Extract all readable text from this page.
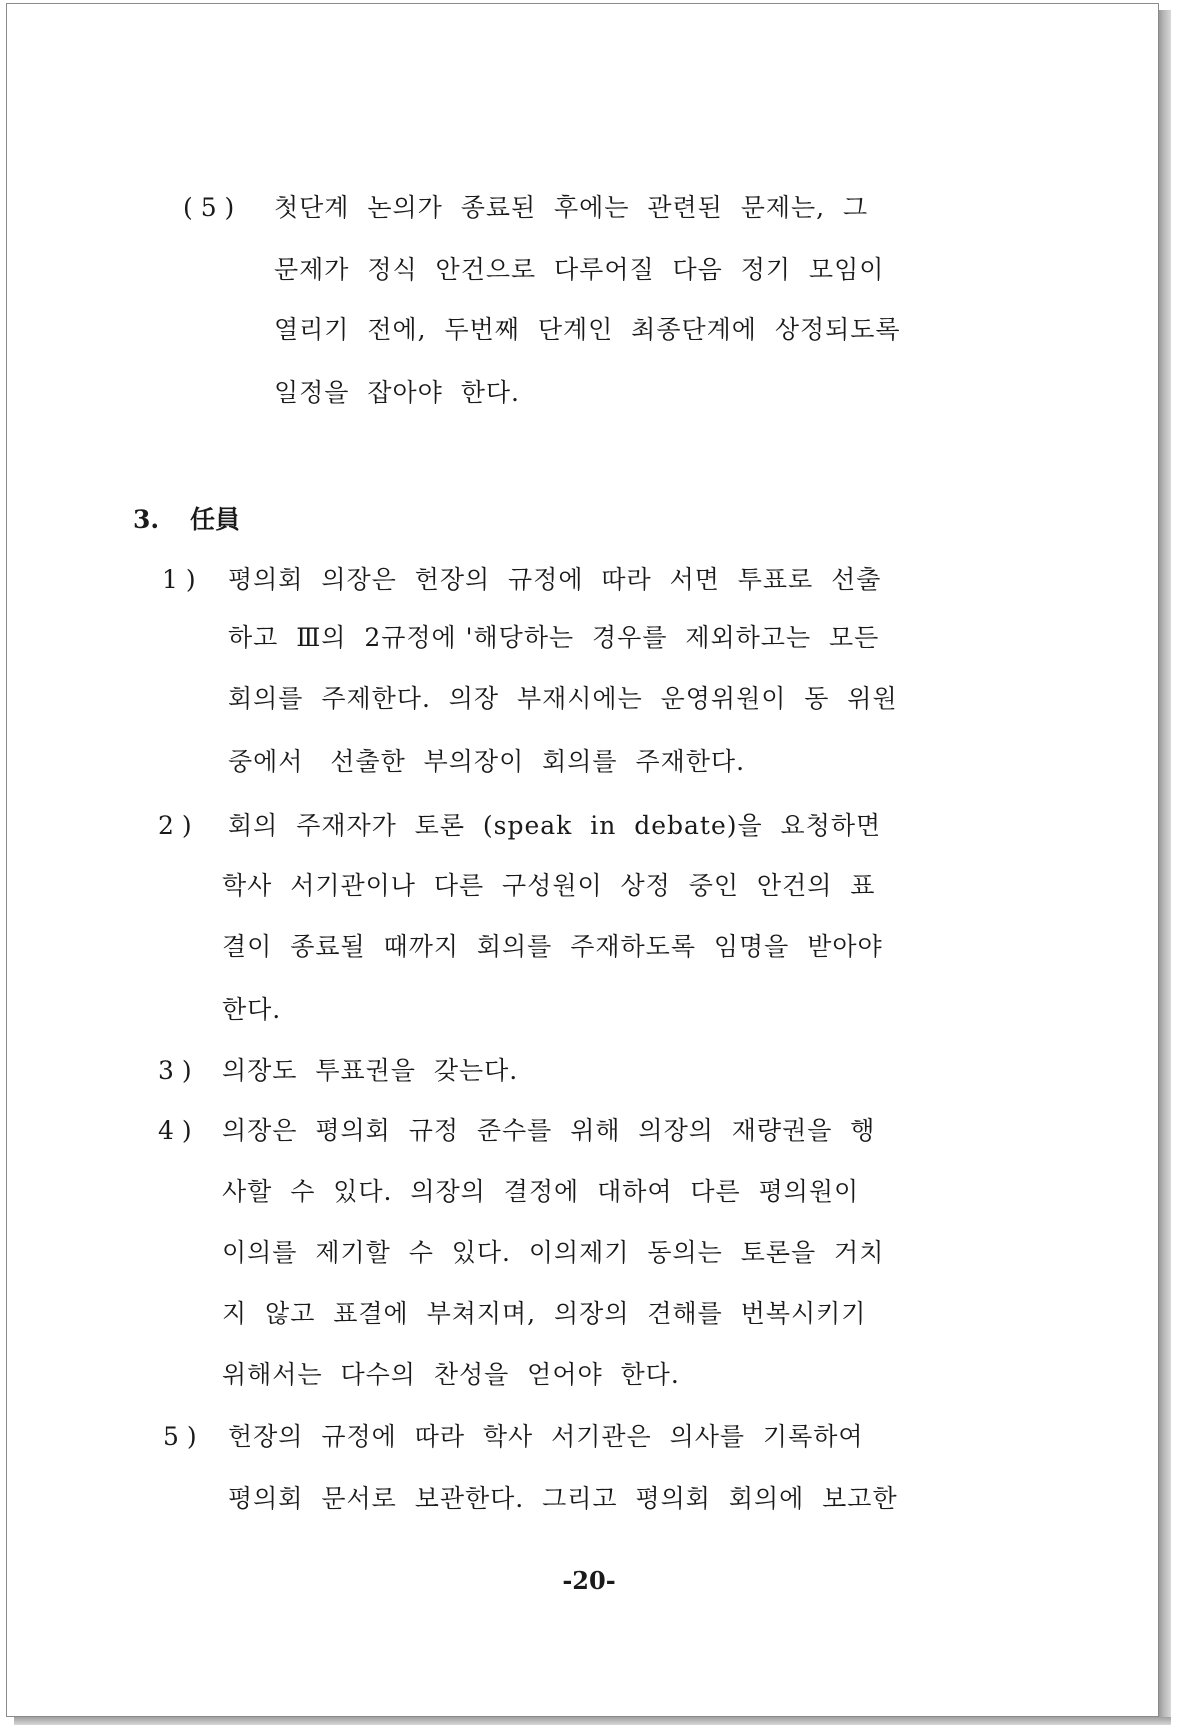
( 5 ) 첫단계  논의가  종료된  후에는  관련된  문제는,  그
문제가  정식  안건으로  다루어질  다음  정기  모임이
열리기  전에,  두번째  단계인  최종단계에  상정되도록
일정을  잡아야  한다.
3. 任員
1 ) 평의회  의장은  헌장의  규정에  따라  서면  투표로  선출
하고  Ⅲ의  2규정에 '해당하는  경우를  제외하고는  모든
회의를  주제한다.  의장  부재시에는  운영위원이  동  위원
중에서   선출한  부의장이  회의를  주재한다.
2 ) 회의  주재자가  토론  (speak  in  debate)을  요청하면
학사  서기관이나  다른  구성원이  상정  중인  안건의  표
결이  종료될  때까지  회의를  주재하도록  임명을  받아야
한다.
3 ) 의장도  투표권을  갖는다.
4 ) 의장은  평의회  규정  준수를  위해  의장의  재량권을  행
사할  수  있다.  의장의  결정에  대하여  다른  평의원이
이의를  제기할  수  있다.  이의제기  동의는  토론을  거치
지  않고  표결에  부쳐지며,  의장의  견해를  번복시키기
위해서는  다수의  찬성을  얻어야  한다.
5 ) 헌장의  규정에  따라  학사  서기관은  의사를  기록하여
평의회  문서로  보관한다.  그리고  평의회  회의에  보고한
-20-
